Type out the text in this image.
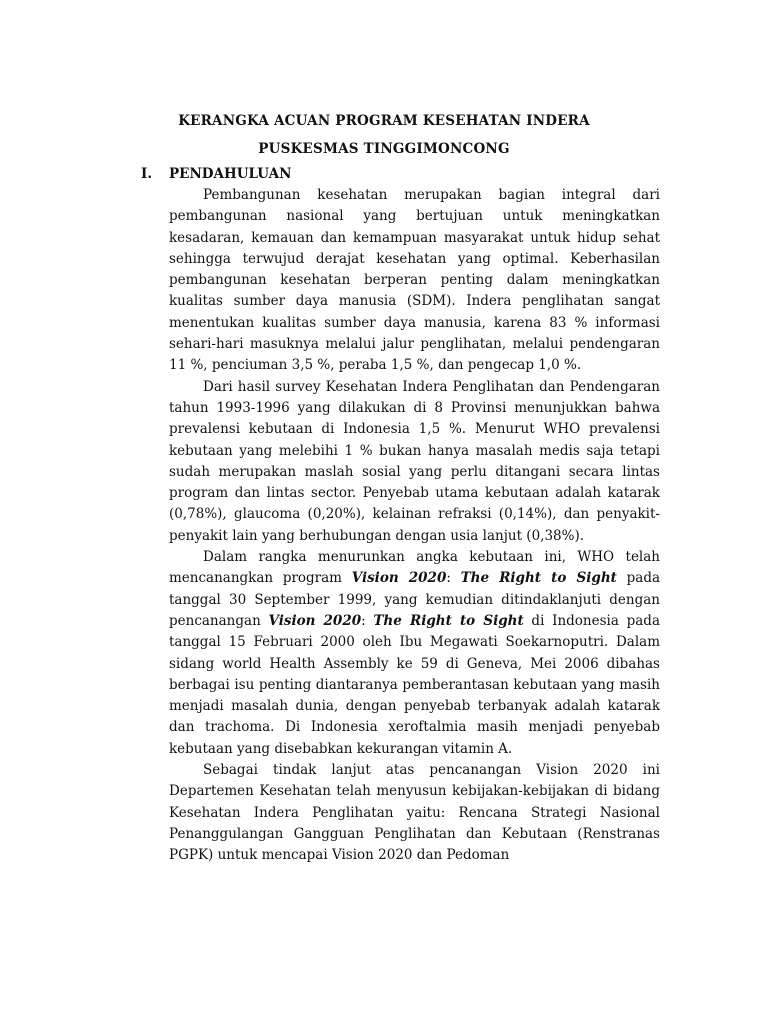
KERANGKA ACUAN PROGRAM KESEHATAN INDERA
PUSKESMAS TINGGIMONCONG
I. PENDAHULUAN

Pembangunan kesehatan merupakan bagian integral dari pembangunan nasional yang bertujuan untuk meningkatkan kesadaran, kemauan dan kemampuan masyarakat untuk hidup sehat sehingga terwujud derajat kesehatan yang optimal. Keberhasilan pembangunan kesehatan berperan penting dalam meningkatkan kualitas sumber daya manusia (SDM). Indera penglihatan sangat menentukan kualitas sumber daya manusia, karena 83 % informasi sehari-hari masuknya melalui jalur penglihatan, melalui pendengaran 11 %, penciuman 3,5 %, peraba 1,5 %, dan pengecap 1,0 %.

Dari hasil survey Kesehatan Indera Penglihatan dan Pendengaran tahun 1993-1996 yang dilakukan di 8 Provinsi menunjukkan bahwa prevalensi kebutaan di Indonesia 1,5 %. Menurut WHO prevalensi kebutaan yang melebihi 1 % bukan hanya masalah medis saja tetapi sudah merupakan maslah sosial yang perlu ditangani secara lintas program dan lintas sector. Penyebab utama kebutaan adalah katarak (0,78%), glaucoma (0,20%), kelainan refraksi (0,14%), dan penyakit-penyakit lain yang berhubungan dengan usia lanjut (0,38%).

Dalam rangka menurunkan angka kebutaan ini, WHO telah mencanangkan program Vision 2020: The Right to Sight pada tanggal 30 September 1999, yang kemudian ditindaklanjuti dengan pencanangan Vision 2020: The Right to Sight di Indonesia pada tanggal 15 Februari 2000 oleh Ibu Megawati Soekarnoputri. Dalam sidang world Health Assembly ke 59 di Geneva, Mei 2006 dibahas berbagai isu penting diantaranya pemberantasan kebutaan yang masih menjadi masalah dunia, dengan penyebab terbanyak adalah katarak dan trachoma. Di Indonesia xeroftalmia masih menjadi penyebab kebutaan yang disebabkan kekurangan vitamin A.

Sebagai tindak lanjut atas pencanangan Vision 2020 ini Departemen Kesehatan telah menyusun kebijakan-kebijakan di bidang Kesehatan Indera Penglihatan yaitu: Rencana Strategi Nasional Penanggulangan Gangguan Penglihatan dan Kebutaan (Renstranas PGPK) untuk mencapai Vision 2020 dan Pedoman
